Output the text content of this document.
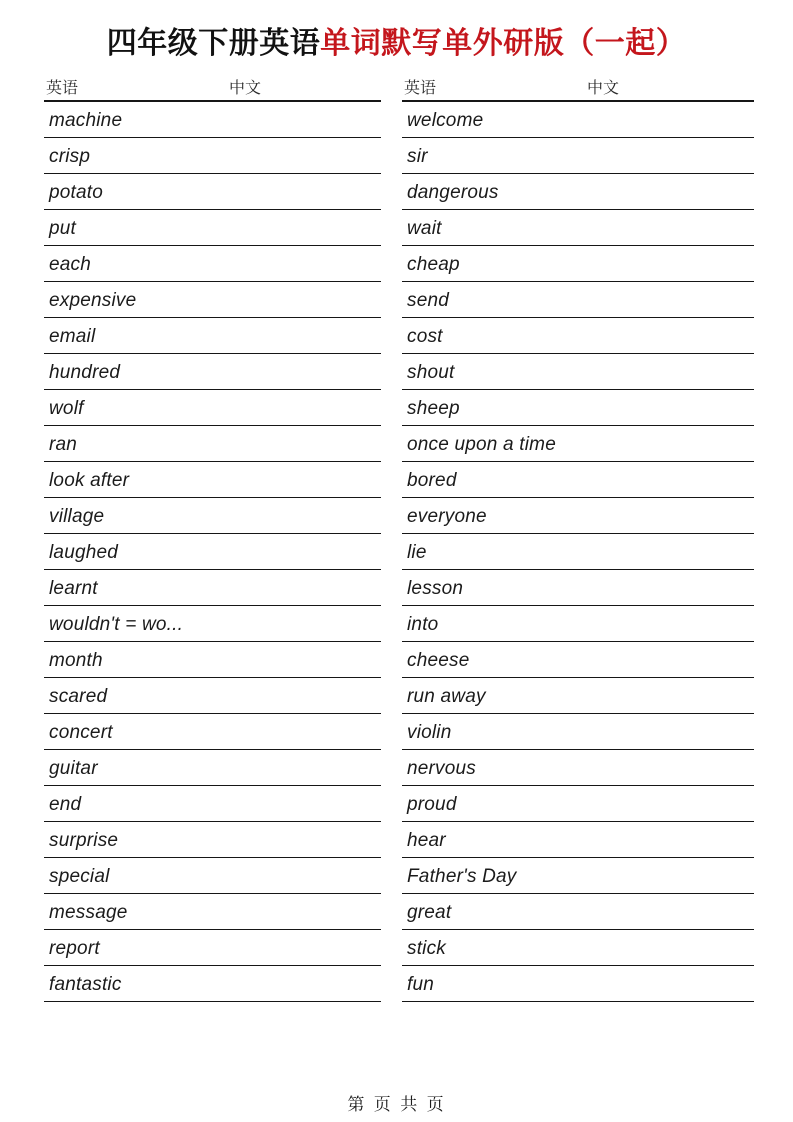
四年级下册英语单词默写单外研版（一起）
英语	中文
machine
crisp
potato
put
each
expensive
email
hundred
wolf
ran
look after
village
laughed
learnt
wouldn't = wo...
month
scared
concert
guitar
end
surprise
special
message
report
fantastic
英语	中文
welcome
sir
dangerous
wait
cheap
send
cost
shout
sheep
once upon a time
bored
everyone
lie
lesson
into
cheese
run away
violin
nervous
proud
hear
Father's Day
great
stick
fun
第 页 共 页
